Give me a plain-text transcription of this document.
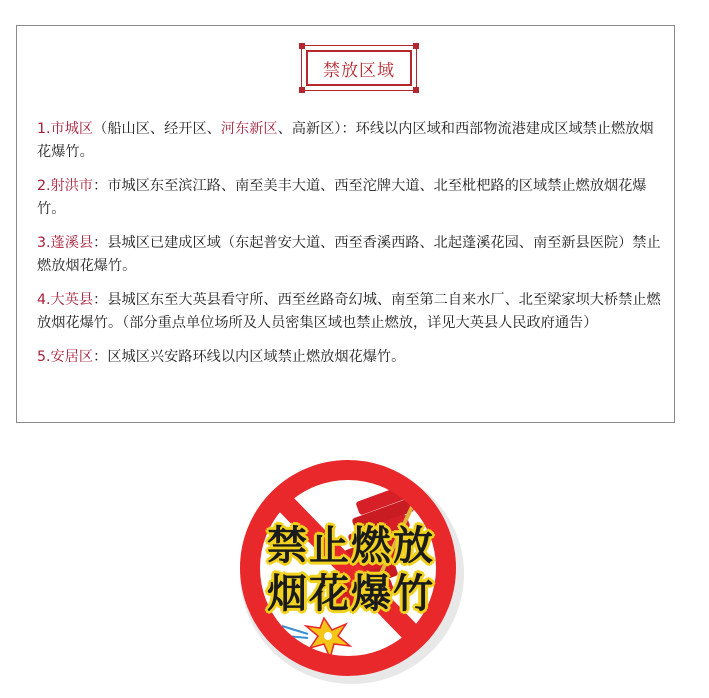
禁放区域
1.市城区（船山区、经开区、河东新区、高新区）：环线以内区域和西部物流港建成区域禁止燃放烟花爆竹。
2.射洪市：市城区东至滨江路、南至美丰大道、西至沱牌大道、北至枇杷路的区域禁止燃放烟花爆竹。
3.蓬溪县：县城区已建成区域（东起普安大道、西至香溪西路、北起蓬溪花园、南至新县医院）禁止燃放烟花爆竹。
4.大英县：县城区东至大英县看守所、西至丝路奇幻城、南至第二自来水厂、北至梁家坝大桥禁止燃放烟花爆竹。（部分重点单位场所及人员密集区域也禁止燃放，详见大英县人民政府通告）
5.安居区：区城区兴安路环线以内区域禁止燃放烟花爆竹。
禁止燃放
烟花爆竹
